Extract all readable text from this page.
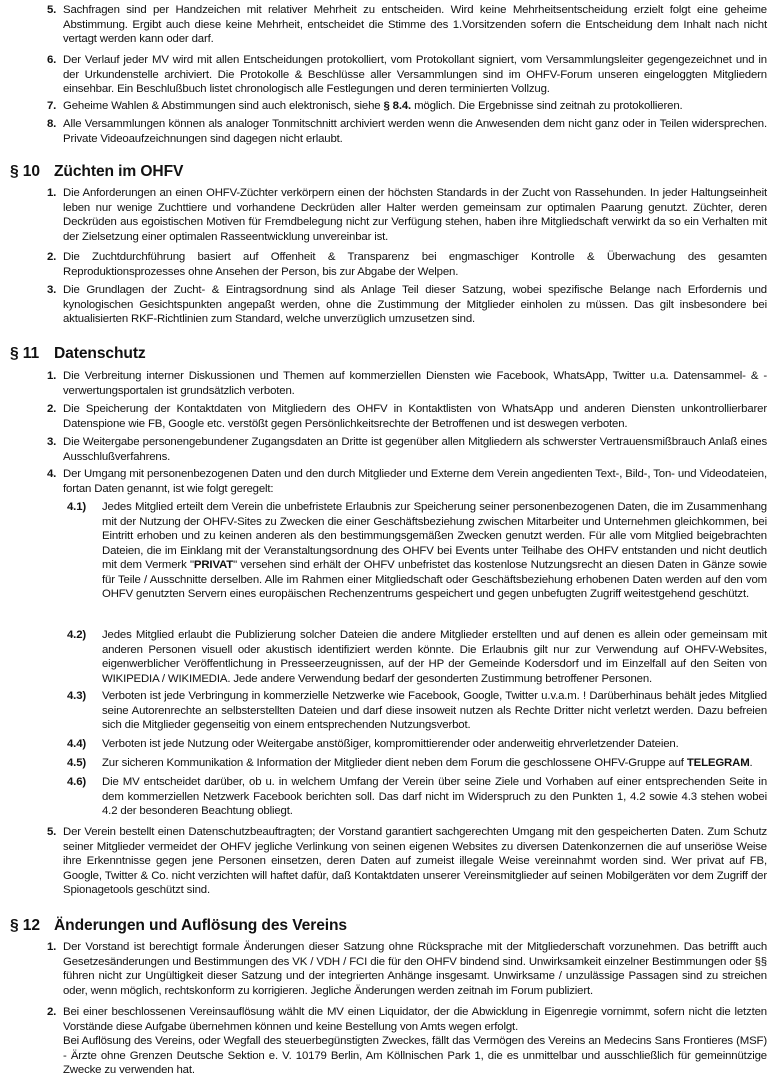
5. Sachfragen sind per Handzeichen mit relativer Mehrheit zu entscheiden. Wird keine Mehrheitsentscheidung erzielt folgt eine geheime Abstimmung. Ergibt auch diese keine Mehrheit, entscheidet die Stimme des 1.Vorsitzenden sofern die Entscheidung dem Inhalt nach nicht vertagt werden kann oder darf.
6. Der Verlauf jeder MV wird mit allen Entscheidungen protokolliert, vom Protokollant signiert, vom Versammlungsleiter gegengezeichnet und in der Urkundenstelle archiviert. Die Protokolle & Beschlüsse aller Versammlungen sind im OHFV-Forum unseren eingeloggten Mitgliedern einsehbar. Ein Beschlußbuch listet chronologisch alle Festlegungen und deren terminierten Vollzug.
7. Geheime Wahlen & Abstimmungen sind auch elektronisch, siehe § 8.4. möglich. Die Ergebnisse sind zeitnah zu protokollieren.
8. Alle Versammlungen können als analoger Tonmitschnitt archiviert werden wenn die Anwesenden dem nicht ganz oder in Teilen widersprechen. Private Videoaufzeichnungen sind dagegen nicht erlaubt.
§ 10 Züchten im OHFV
1. Die Anforderungen an einen OHFV-Züchter verkörpern einen der höchsten Standards in der Zucht von Rassehunden. In jeder Haltungseinheit leben nur wenige Zuchttiere und vorhandene Deckrüden aller Halter werden gemeinsam zur optimalen Paarung genutzt. Züchter, deren Deckrüden aus egoistischen Motiven für Fremdbelegung nicht zur Verfügung stehen, haben ihre Mitgliedschaft verwirkt da so ein Verhalten mit der Zielsetzung einer optimalen Rasseentwicklung unvereinbar ist.
2. Die Zuchtdurchführung basiert auf Offenheit & Transparenz bei engmaschiger Kontrolle & Überwachung des gesamten Reproduktionsprozesses ohne Ansehen der Person, bis zur Abgabe der Welpen.
3. Die Grundlagen der Zucht- & Eintragsordnung sind als Anlage Teil dieser Satzung, wobei spezifische Belange nach Erfordernis und kynologischen Gesichtspunkten angepaßt werden, ohne die Zustimmung der Mitglieder einholen zu müssen. Das gilt insbesondere bei aktualisierten RKF-Richtlinien zum Standard, welche unverzüglich umzusetzen sind.
§ 11 Datenschutz
1. Die Verbreitung interner Diskussionen und Themen auf kommerziellen Diensten wie Facebook, WhatsApp, Twitter u.a. Datensammel- & -verwertungsportalen ist grundsätzlich verboten.
2. Die Speicherung der Kontaktdaten von Mitgliedern des OHFV in Kontaktlisten von WhatsApp und anderen Diensten unkontrollierbarer Datenspione wie FB, Google etc. verstößt gegen Persönlichkeitsrechte der Betroffenen und ist deswegen verboten.
3. Die Weitergabe personengebundener Zugangsdaten an Dritte ist gegenüber allen Mitgliedern als schwerster Vertrauensmißbrauch Anlaß eines Ausschlußverfahrens.
4. Der Umgang mit personenbezogenen Daten und den durch Mitglieder und Externe dem Verein angedienten Text-, Bild-, Ton- und Videodateien, fortan Daten genannt, ist wie folgt geregelt:
4.1)	Jedes Mitglied erteilt dem Verein die unbefristete Erlaubnis zur Speicherung seiner personenbezogenen Daten, die im Zusammenhang mit der Nutzung der OHFV-Sites zu Zwecken die einer Geschäftsbeziehung zwischen Mitarbeiter und Unternehmen gleichkommen, bei Eintritt erhoben und zu keinen anderen als den bestimmungsgemäßen Zwecken genutzt werden. Für alle vom Mitglied beigebrachten Dateien, die im Einklang mit der Veranstaltungsordnung des OHFV bei Events unter Teilhabe des OHFV entstanden und nicht deutlich mit dem Vermerk "PRIVAT" versehen sind erhält der OHFV unbefristet das kostenlose Nutzungsrecht an diesen Daten in Gänze sowie für Teile / Ausschnitte derselben. Alle im Rahmen einer Mitgliedschaft oder Geschäftsbeziehung erhobenen Daten werden auf den vom OHFV genutzten Servern eines europäischen Rechenzentrums gespeichert und gegen unbefugten Zugriff weitestgehend geschützt.
4.2)	Jedes Mitglied erlaubt die Publizierung solcher Dateien die andere Mitglieder erstellten und auf denen es allein oder gemeinsam mit anderen Personen visuell oder akustisch identifiziert werden könnte. Die Erlaubnis gilt nur zur Verwendung auf OHFV-Websites, eigenwerblicher Veröffentlichung in Presseerzeugnissen, auf der HP der Gemeinde Kodersdorf und im Einzelfall auf den Seiten von WIKIPEDIA / WIKIMEDIA. Jede andere Verwendung bedarf der gesonderten Zustimmung betroffener Personen.
4.3)	Verboten ist jede Verbringung in kommerzielle Netzwerke wie Facebook, Google, Twitter u.v.a.m. ! Darüberhinaus behält jedes Mitglied seine Autorenrechte an selbsterstellten Dateien und darf diese insoweit nutzen als Rechte Dritter nicht verletzt werden. Dazu befreien sich die Mitglieder gegenseitig von einem entsprechenden Nutzungsverbot.
4.4)	Verboten ist jede Nutzung oder Weitergabe anstößiger, kompromittierender oder anderweitig ehrverletzender Dateien.
4.5)	Zur sicheren Kommunikation & Information der Mitglieder dient neben dem Forum die geschlossene OHFV-Gruppe auf TELEGRAM.
4.6)	Die MV entscheidet darüber, ob u. in welchem Umfang der Verein über seine Ziele und Vorhaben auf einer entsprechenden Seite in dem kommerziellen Netzwerk Facebook berichten soll. Das darf nicht im Widerspruch zu den Punkten 1, 4.2 sowie 4.3 stehen wobei 4.2 der besonderen Beachtung obliegt.
5. Der Verein bestellt einen Datenschutzbeauftragten; der Vorstand garantiert sachgerechten Umgang mit den gespeicherten Daten. Zum Schutz seiner Mitglieder vermeidet der OHFV jegliche Verlinkung von seinen eigenen Websites zu diversen Datenkonzernen die auf unseriöse Weise ihre Erkenntnisse gegen jene Personen einsetzen, deren Daten auf zumeist illegale Weise vereinnahmt worden sind. Wer privat auf FB, Google, Twitter & Co. nicht verzichten will haftet dafür, daß Kontaktdaten unserer Vereinsmitglieder auf seinen Mobilgeräten vor dem Zugriff der Spionagetools geschützt sind.
§ 12 Änderungen und Auflösung des Vereins
1. Der Vorstand ist berechtigt formale Änderungen dieser Satzung ohne Rücksprache mit der Mitgliederschaft vorzunehmen. Das betrifft auch Gesetzesänderungen und Bestimmungen des VK / VDH / FCI die für den OHFV bindend sind. Unwirksamkeit einzelner Bestimmungen oder §§ führen nicht zur Ungültigkeit dieser Satzung und der integrierten Anhänge insgesamt. Unwirksame / unzulässige Passagen sind zu streichen oder, wenn möglich, rechtskonform zu korrigieren. Jegliche Änderungen werden zeitnah im Forum publiziert.
2. Bei einer beschlossenen Vereinsauflösung wählt die MV einen Liquidator, der die Abwicklung in Eigenregie vornimmt, sofern nicht die letzten Vorstände diese Aufgabe übernehmen können und keine Bestellung von Amts wegen erfolgt.
Bei Auflösung des Vereins, oder Wegfall des steuerbegünstigten Zweckes, fällt das Vermögen des Vereins an Medecins Sans Frontieres (MSF) - Ärzte ohne Grenzen Deutsche Sektion e. V. 10179 Berlin, Am Köllnischen Park 1, die es unmittelbar und ausschließlich für gemeinnützige Zwecke zu verwenden hat.
